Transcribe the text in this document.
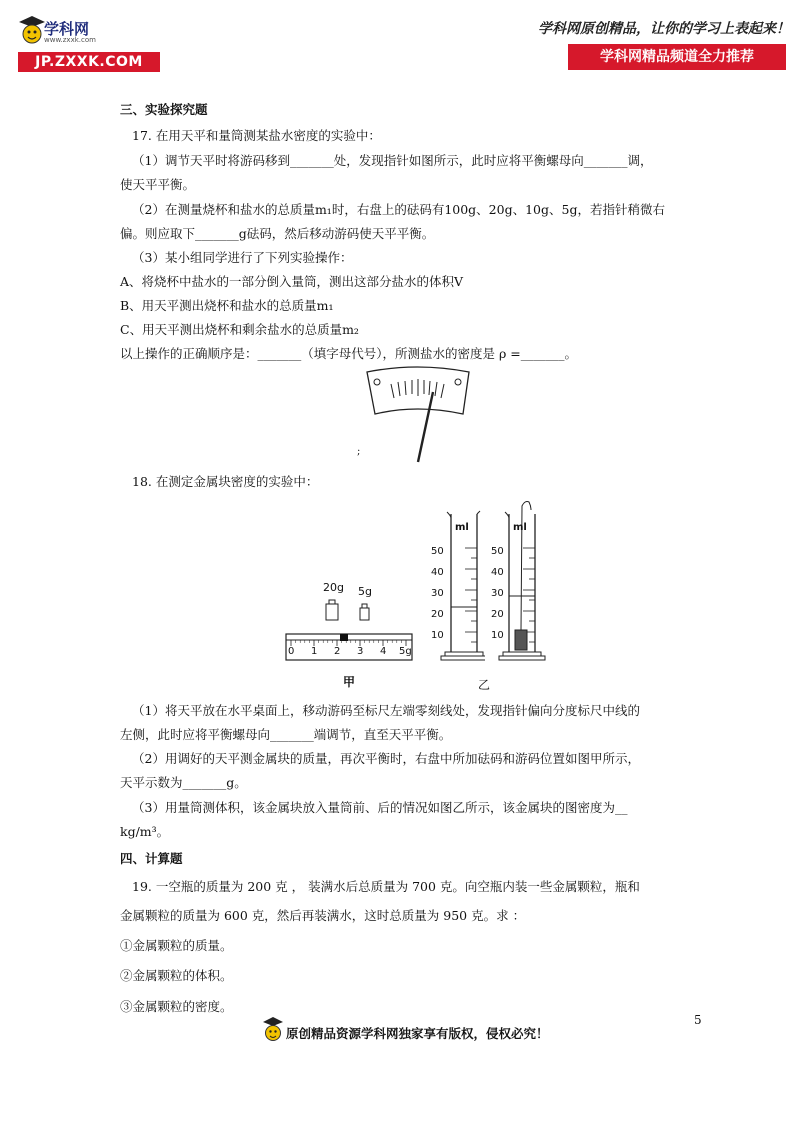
学科网
www.zxxk.com
JP.ZXXK.COM
学科网原创精品，让你的学习上表起来！
学科网精品频道全力推荐
三、实验探究题
17. 在用天平和量筒测某盐水密度的实验中：
（1）调节天平时将游码移到_______处，发现指针如图所示，此时应将平衡螺母向_______调，
使天平平衡。
（2）在测量烧杯和盐水的总质量m₁时，右盘上的砝码有100g、20g、10g、5g，若指针稍微右
偏。则应取下_______g砝码，然后移动游码使天平平衡。
（3）某小组同学进行了下列实验操作：
A、将烧杯中盐水的一部分倒入量筒，测出这部分盐水的体积V
B、用天平测出烧杯和盐水的总质量m₁
C、用天平测出烧杯和剩余盐水的总质量m₂
以上操作的正确顺序是：_______（填字母代号），所测盐水的密度是 ρ =_______。
;
18. 在测定金属块密度的实验中：
20g 5g
0 1 2 3 4 5g
甲
ml	ml
50
40
30
20
10
50
40
30
20
10
乙
（1）将天平放在水平桌面上，移动游码至标尺左端零刻线处，发现指针偏向分度标尺中线的
左侧，此时应将平衡螺母向_______端调节，直至天平平衡。
（2）用调好的天平测金属块的质量，再次平衡时，右盘中所加砝码和游码位置如图甲所示，
天平示数为_______g。
（3）用量筒测体积，该金属块放入量筒前、后的情况如图乙所示，该金属块的图密度为__
kg/m³。
四、计算题
19. 一空瓶的质量为 200 克 ， 装满水后总质量为 700 克。向空瓶内装一些金属颗粒，瓶和
金属颗粒的质量为 600 克，然后再装满水，这时总质量为 950 克。求 ：
①金属颗粒的质量。
②金属颗粒的体积。
③金属颗粒的密度。
原创精品资源学科网独家享有版权，侵权必究！
5
